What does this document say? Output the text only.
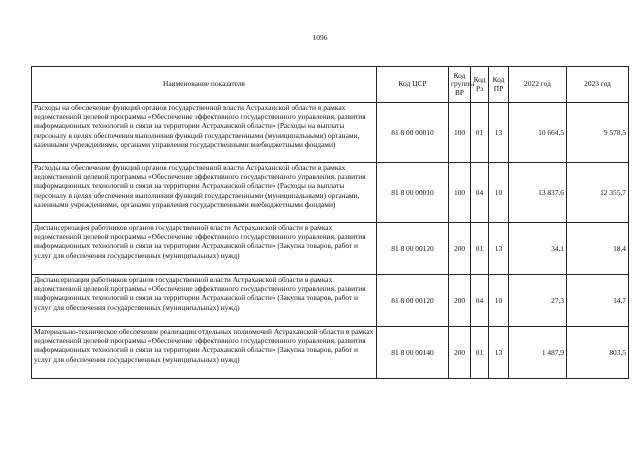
1096
Наименование показателя	Код ЦСР	Код группы ВР	Код Рз	Код ПР	2022 год	2023 год
Расходы на обеспечение функций органов государственной власти Астраханской области в рамках ведомственной целевой программы «Обеспечение эффективного государственного управления, развития информационных технологий и связи на территории Астраханской области» (Расходы на выплаты персоналу в целях обеспечения выполнения функций государственными (муниципальными) органами, казенными учреждениями, органами управления государственными внебюджетными фондами)	81 8 00 00010	100	01	13	10 664,5	9 578,5
Расходы на обеспечение функций органов государственной власти Астраханской области в рамках ведомственной целевой программы «Обеспечение эффективного государственного управления, развития информационных технологий и связи на территории Астраханской области» (Расходы на выплаты персоналу в целях обеспечения выполнения функций государственными (муниципальными) органами, казенными учреждениями, органами управления государственными внебюджетными фондами)	81 8 00 00010	100	04	10	13 837,6	12 355,7
Диспансеризация работников органов государственной власти Астраханской области в рамках ведомственной целевой программы «Обеспечение эффективного государственного управления, развития информационных технологий и связи на территории Астраханской области» (Закупка товаров, работ и услуг для обеспечения государственных (муниципальных) нужд)	81 8 00 00120	200	01	13	34,1	18,4
Диспансеризация работников органов государственной власти Астраханской области в рамках ведомственной целевой программы «Обеспечение эффективного государственного управления, развития информационных технологий и связи на территории Астраханской области» (Закупка товаров, работ и услуг для обеспечения государственных (муниципальных) нужд)	81 8 00 00120	200	04	10	27,3	14,7
Материально-техническое обеспечение реализации отдельных полномочий Астраханской области в рамках ведомственной целевой программы «Обеспечение эффективного государственного управления, развития информационных технологий и связи на территории Астраханской области» (Закупка товаров, работ и услуг для обеспечения государственных (муниципальных) нужд)	81 8 00 00140	200	01	13	1 487,9	803,5
